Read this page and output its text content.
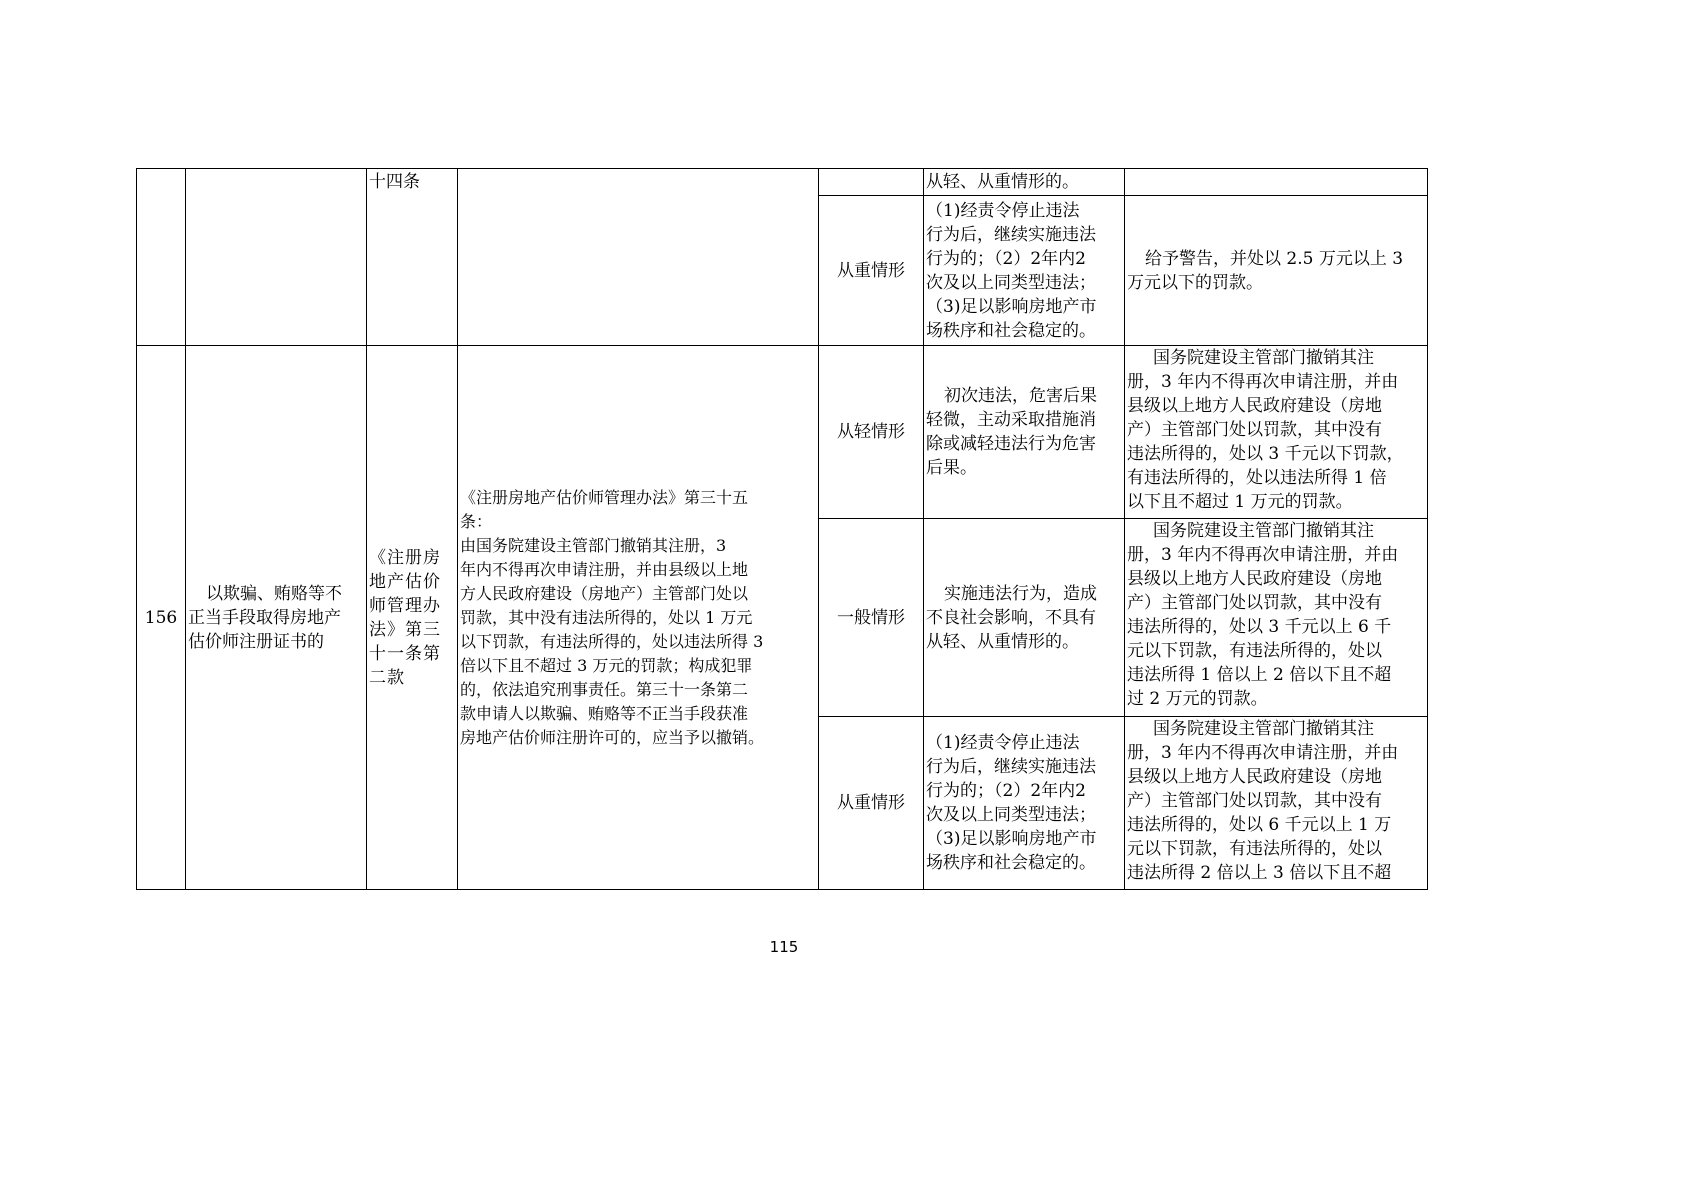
十四条	从轻、从重情形的。
从重情形
（1)经责令停止违法
行为后，继续实施违法
行为的；（2）2年内2
次及以上同类型违法；
（3)足以影响房地产市
场秩序和社会稳定的。
给予警告，并处以 2.5 万元以上 3
万元以下的罚款。
156
以欺骗、贿赂等不
正当手段取得房地产
估价师注册证书的
《注册房
地产估价
师管理办
法》第三
十一条第
二款
《注册房地产估价师管理办法》第三十五
条：
由国务院建设主管部门撤销其注册，3
年内不得再次申请注册，并由县级以上地
方人民政府建设（房地产）主管部门处以
罚款，其中没有违法所得的，处以 1 万元
以下罚款，有违法所得的，处以违法所得 3
倍以下且不超过 3 万元的罚款；构成犯罪
的，依法追究刑事责任。第三十一条第二
款申请人以欺骗、贿赂等不正当手段获准
房地产估价师注册许可的，应当予以撤销。
从轻情形
初次违法，危害后果
轻微，主动采取措施消
除或减轻违法行为危害
后果。
国务院建设主管部门撤销其注
册，3 年内不得再次申请注册，并由
县级以上地方人民政府建设（房地
产）主管部门处以罚款，其中没有
违法所得的，处以 3 千元以下罚款，
有违法所得的，处以违法所得 1 倍
以下且不超过 1 万元的罚款。
一般情形
实施违法行为，造成
不良社会影响，不具有
从轻、从重情形的。
国务院建设主管部门撤销其注
册，3 年内不得再次申请注册，并由
县级以上地方人民政府建设（房地
产）主管部门处以罚款，其中没有
违法所得的，处以 3 千元以上 6 千
元以下罚款，有违法所得的，处以
违法所得 1 倍以上 2 倍以下且不超
过 2 万元的罚款。
从重情形
（1)经责令停止违法
行为后，继续实施违法
行为的；（2）2年内2
次及以上同类型违法；
（3)足以影响房地产市
场秩序和社会稳定的。
国务院建设主管部门撤销其注
册，3 年内不得再次申请注册，并由
县级以上地方人民政府建设（房地
产）主管部门处以罚款，其中没有
违法所得的，处以 6 千元以上 1 万
元以下罚款，有违法所得的，处以
违法所得 2 倍以上 3 倍以下且不超
115
